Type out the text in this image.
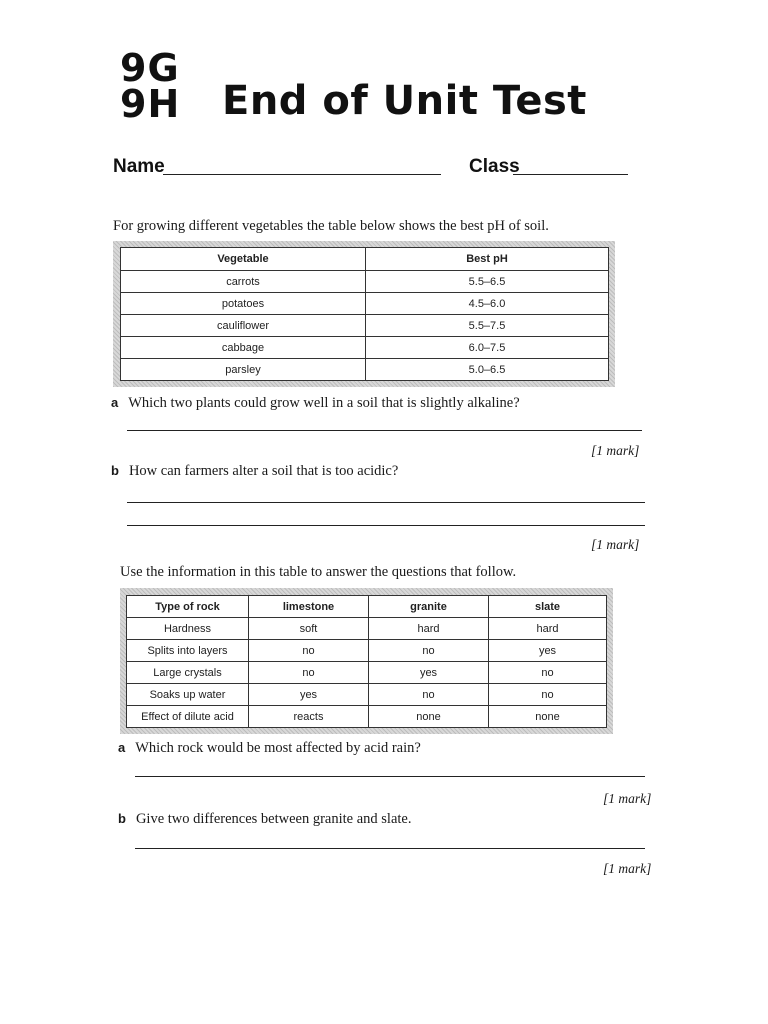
9G
9H End of Unit Test
Name	Class
For growing different vegetables the table below shows the best pH of soil.
Vegetable	Best pH
carrots	5.5–6.5
potatoes	4.5–6.0
cauliflower	5.5–7.5
cabbage	6.0–7.5
parsley	5.0–6.5
a Which two plants could grow well in a soil that is slightly alkaline?
[1 mark]
b How can farmers alter a soil that is too acidic?
[1 mark]
Use the information in this table to answer the questions that follow.
Type of rock	limestone	granite	slate
Hardness	soft	hard	hard
Splits into layers	no	no	yes
Large crystals	no	yes	no
Soaks up water	yes	no	no
Effect of dilute acid	reacts	none	none
a Which rock would be most affected by acid rain?
[1 mark]
b Give two differences between granite and slate.
[1 mark]
